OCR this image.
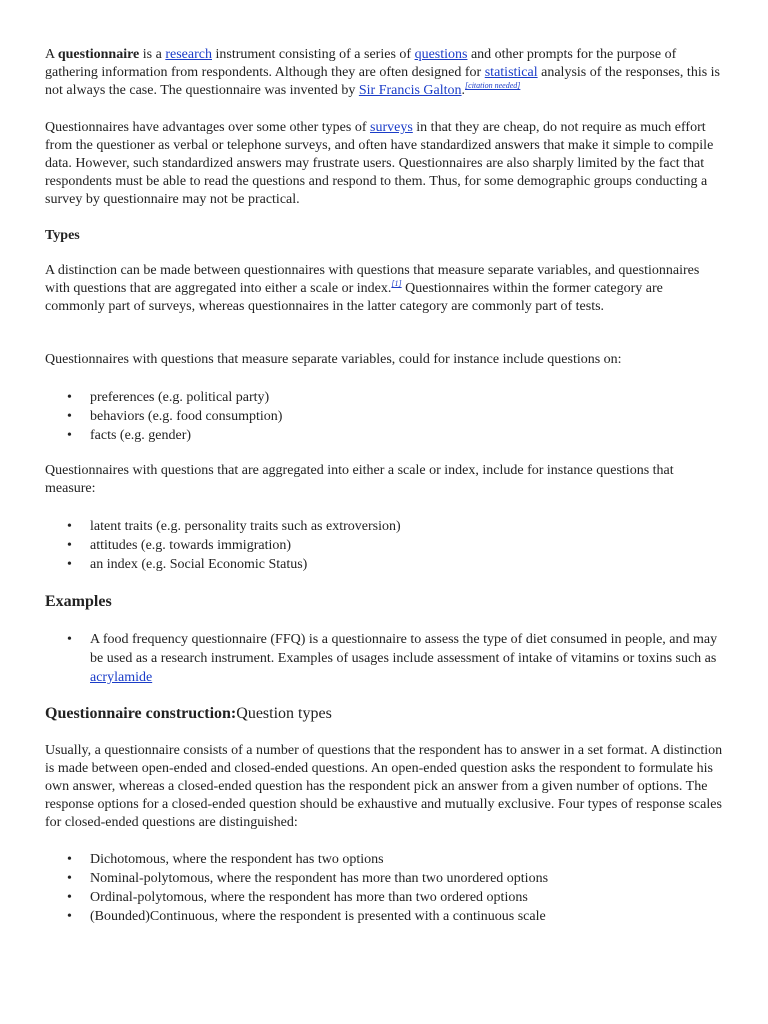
A questionnaire is a research instrument consisting of a series of questions and other prompts for the purpose of gathering information from respondents. Although they are often designed for statistical analysis of the responses, this is not always the case. The questionnaire was invented by Sir Francis Galton.[citation needed]

Questionnaires have advantages over some other types of surveys in that they are cheap, do not require as much effort from the questioner as verbal or telephone surveys, and often have standardized answers that make it simple to compile data. However, such standardized answers may frustrate users. Questionnaires are also sharply limited by the fact that respondents must be able to read the questions and respond to them. Thus, for some demographic groups conducting a survey by questionnaire may not be practical.

Types

A distinction can be made between questionnaires with questions that measure separate variables, and questionnaires with questions that are aggregated into either a scale or index.[1] Questionnaires within the former category are commonly part of surveys, whereas questionnaires in the latter category are commonly part of tests.

Questionnaires with questions that measure separate variables, could for instance include questions on:

• preferences (e.g. political party)
• behaviors (e.g. food consumption)
• facts (e.g. gender)

Questionnaires with questions that are aggregated into either a scale or index, include for instance questions that measure:

• latent traits (e.g. personality traits such as extroversion)
• attitudes (e.g. towards immigration)
• an index (e.g. Social Economic Status)
Examples
• A food frequency questionnaire (FFQ) is a questionnaire to assess the type of diet consumed in people, and may be used as a research instrument. Examples of usages include assessment of intake of vitamins or toxins such as acrylamide
Questionnaire construction:Question types

Usually, a questionnaire consists of a number of questions that the respondent has to answer in a set format. A distinction is made between open-ended and closed-ended questions. An open-ended question asks the respondent to formulate his own answer, whereas a closed-ended question has the respondent pick an answer from a given number of options. The response options for a closed-ended question should be exhaustive and mutually exclusive. Four types of response scales for closed-ended questions are distinguished:

• Dichotomous, where the respondent has two options
• Nominal-polytomous, where the respondent has more than two unordered options
• Ordinal-polytomous, where the respondent has more than two ordered options
• (Bounded)Continuous, where the respondent is presented with a continuous scale
